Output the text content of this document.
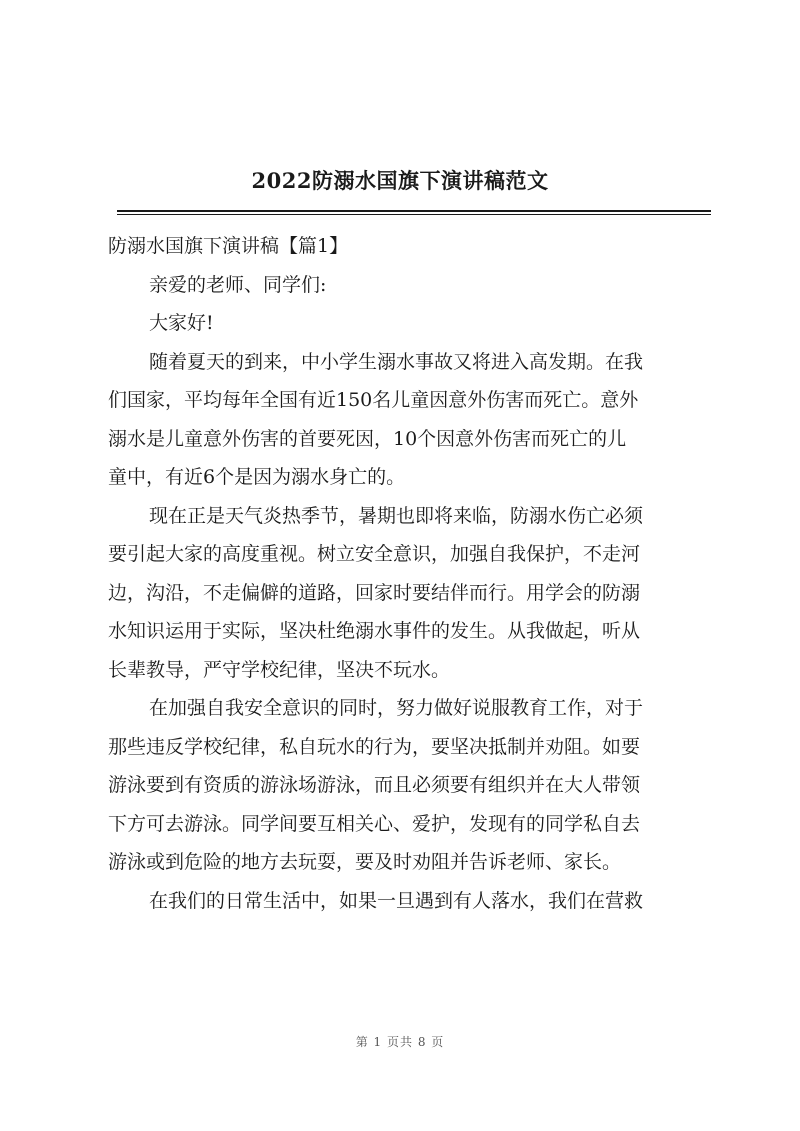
2022防溺水国旗下演讲稿范文
防溺水国旗下演讲稿【篇1】
亲爱的老师、同学们:
大家好!
随着夏天的到来，中小学生溺水事故又将进入高发期。在我
们国家，平均每年全国有近150名儿童因意外伤害而死亡。意外
溺水是儿童意外伤害的首要死因，10个因意外伤害而死亡的儿
童中，有近6个是因为溺水身亡的。
现在正是天气炎热季节，暑期也即将来临，防溺水伤亡必须
要引起大家的高度重视。树立安全意识，加强自我保护，不走河
边，沟沿，不走偏僻的道路，回家时要结伴而行。用学会的防溺
水知识运用于实际，坚决杜绝溺水事件的发生。从我做起，听从
长辈教导，严守学校纪律，坚决不玩水。
在加强自我安全意识的同时，努力做好说服教育工作，对于
那些违反学校纪律，私自玩水的行为，要坚决抵制并劝阻。如要
游泳要到有资质的游泳场游泳，而且必须要有组织并在大人带领
下方可去游泳。同学间要互相关心、爱护，发现有的同学私自去
游泳或到危险的地方去玩耍，要及时劝阻并告诉老师、家长。
在我们的日常生活中，如果一旦遇到有人落水，我们在营救
第 1 页共 8 页
